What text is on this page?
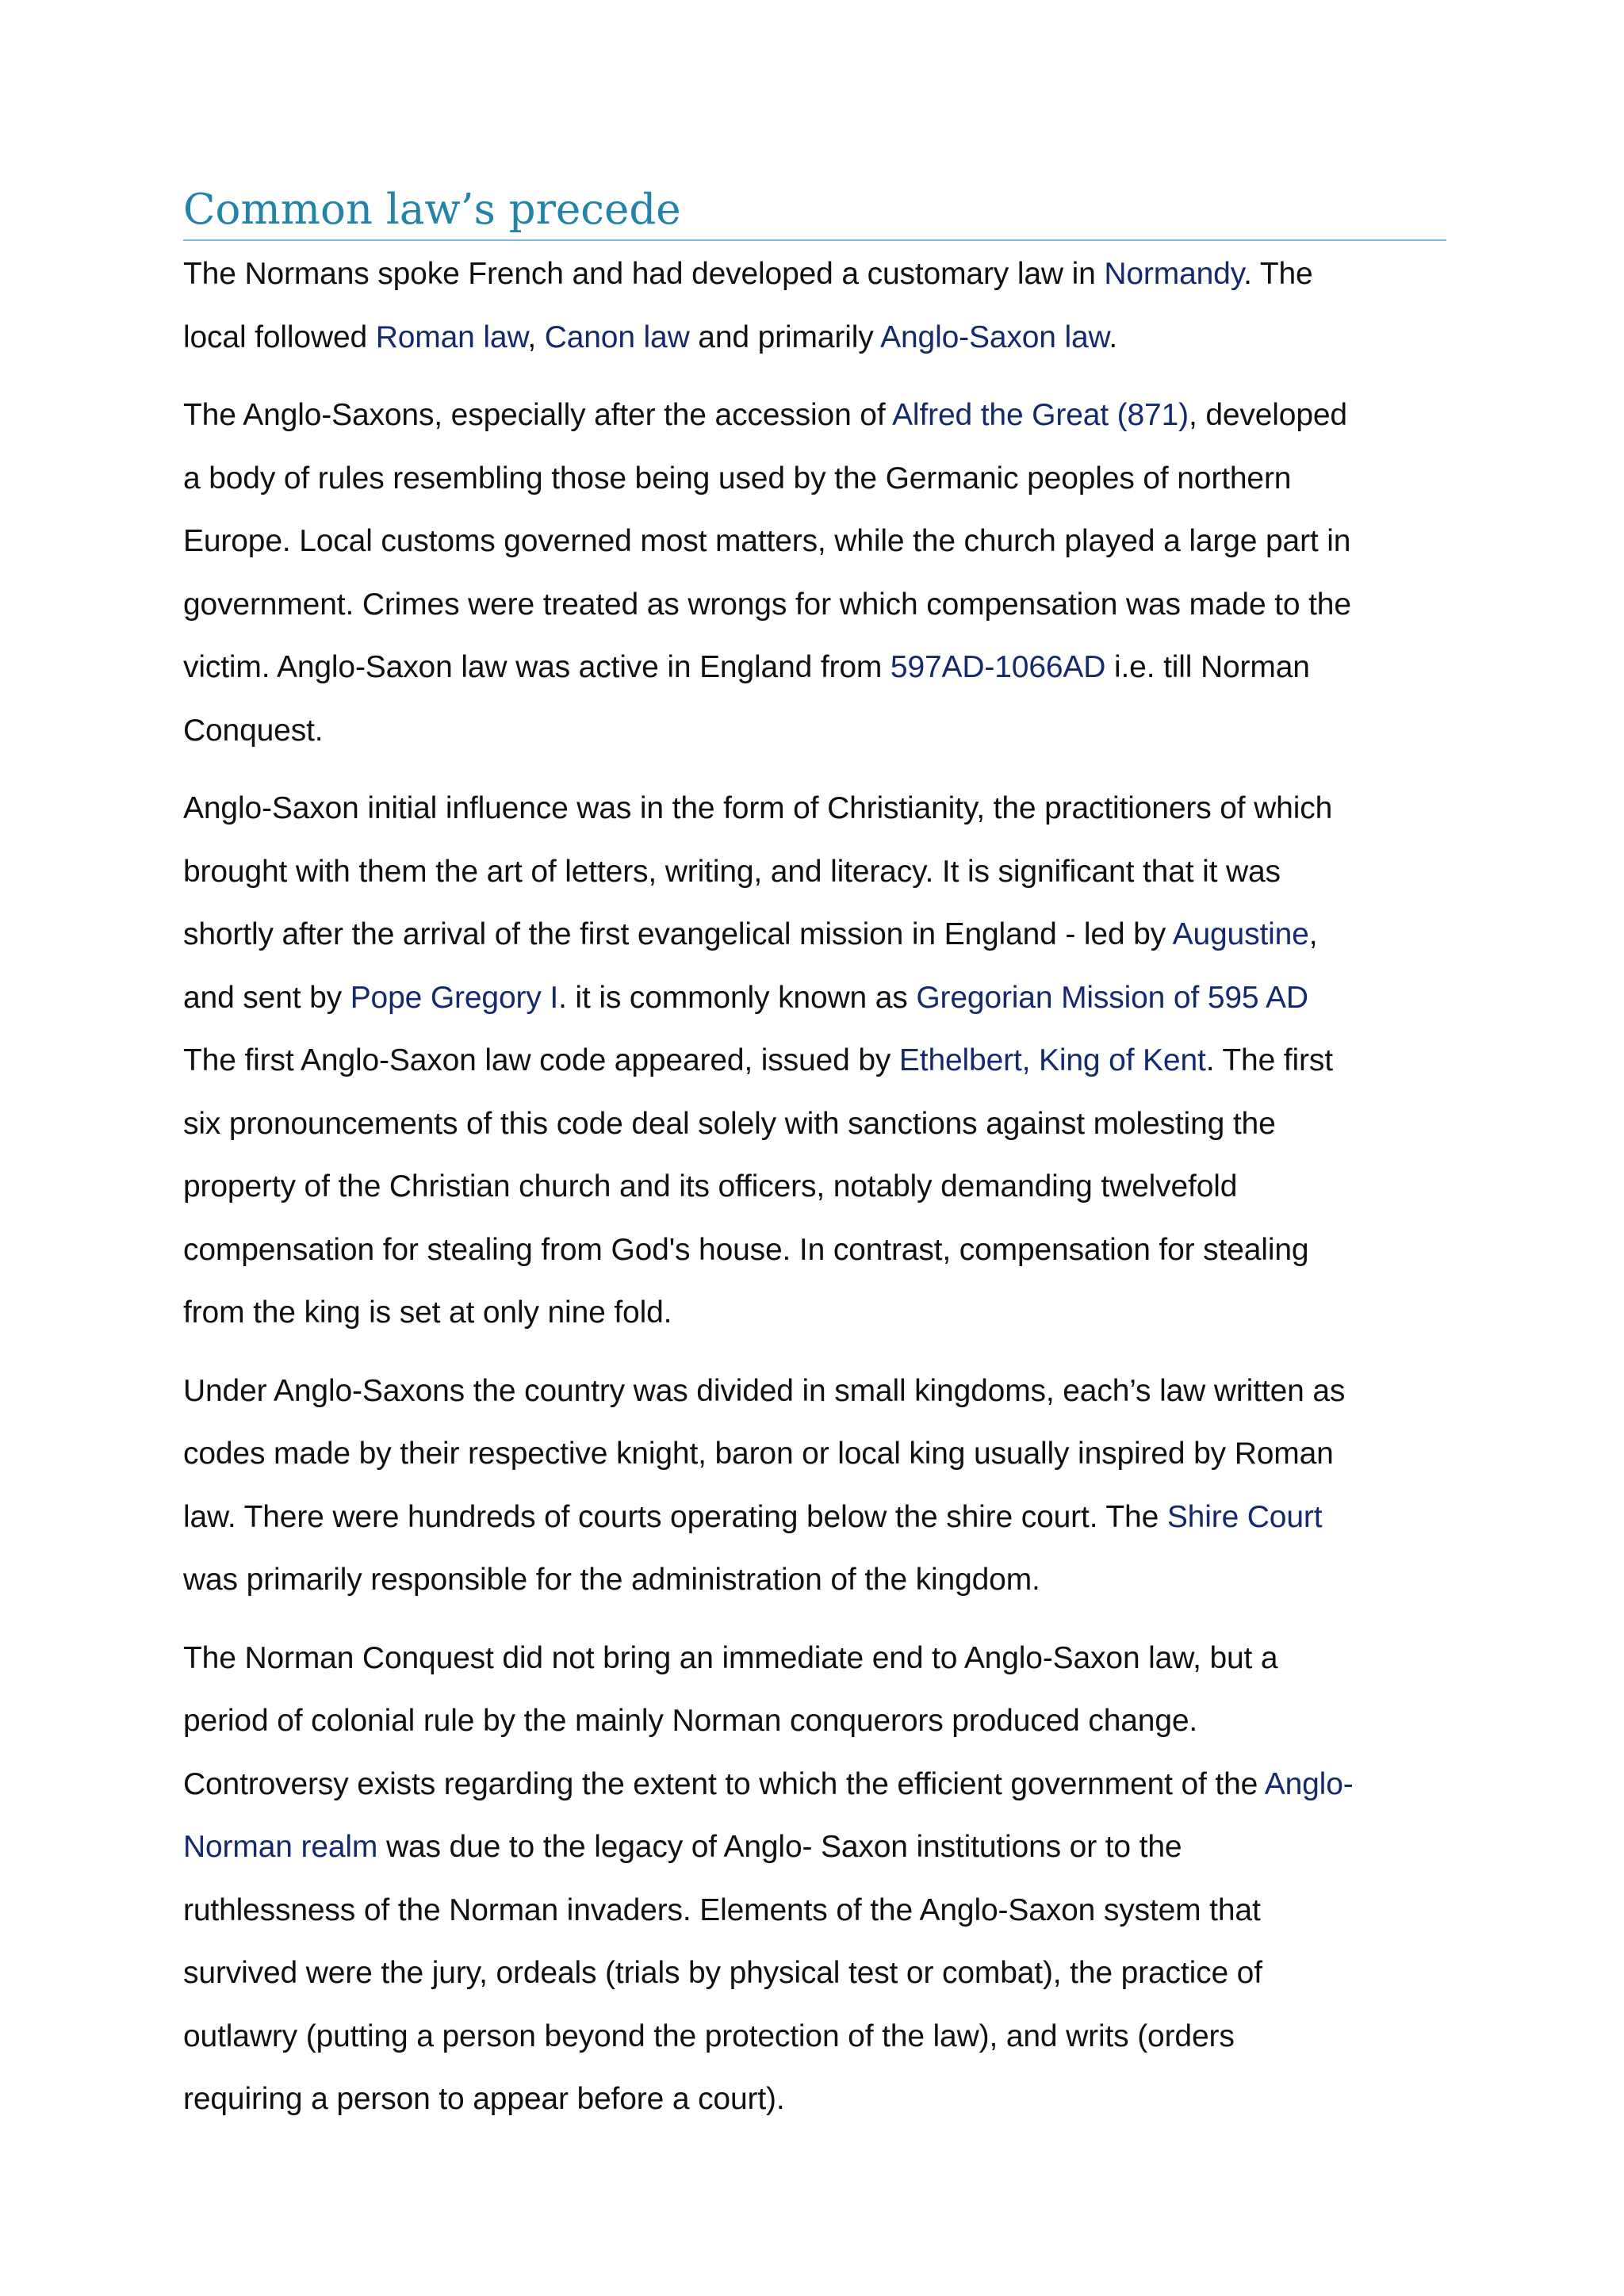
Common law’s precede

The Normans spoke French and had developed a customary law in Normandy. The
local followed Roman law, Canon law and primarily Anglo-Saxon law.

The Anglo-Saxons, especially after the accession of Alfred the Great (871), developed
a body of rules resembling those being used by the Germanic peoples of northern
Europe. Local customs governed most matters, while the church played a large part in
government. Crimes were treated as wrongs for which compensation was made to the
victim. Anglo-Saxon law was active in England from 597AD-1066AD i.e. till Norman
Conquest.

Anglo-Saxon initial influence was in the form of Christianity, the practitioners of which
brought with them the art of letters, writing, and literacy. It is significant that it was
shortly after the arrival of the first evangelical mission in England - led by Augustine,
and sent by Pope Gregory I. it is commonly known as Gregorian Mission of 595 AD
The first Anglo-Saxon law code appeared, issued by Ethelbert, King of Kent. The first
six pronouncements of this code deal solely with sanctions against molesting the
property of the Christian church and its officers, notably demanding twelvefold
compensation for stealing from God's house. In contrast, compensation for stealing
from the king is set at only nine fold.

Under Anglo-Saxons the country was divided in small kingdoms, each’s law written as
codes made by their respective knight, baron or local king usually inspired by Roman
law. There were hundreds of courts operating below the shire court. The Shire Court
was primarily responsible for the administration of the kingdom.

The Norman Conquest did not bring an immediate end to Anglo-Saxon law, but a
period of colonial rule by the mainly Norman conquerors produced change.
Controversy exists regarding the extent to which the efficient government of the Anglo-
Norman realm was due to the legacy of Anglo- Saxon institutions or to the
ruthlessness of the Norman invaders. Elements of the Anglo-Saxon system that
survived were the jury, ordeals (trials by physical test or combat), the practice of
outlawry (putting a person beyond the protection of the law), and writs (orders
requiring a person to appear before a court).
